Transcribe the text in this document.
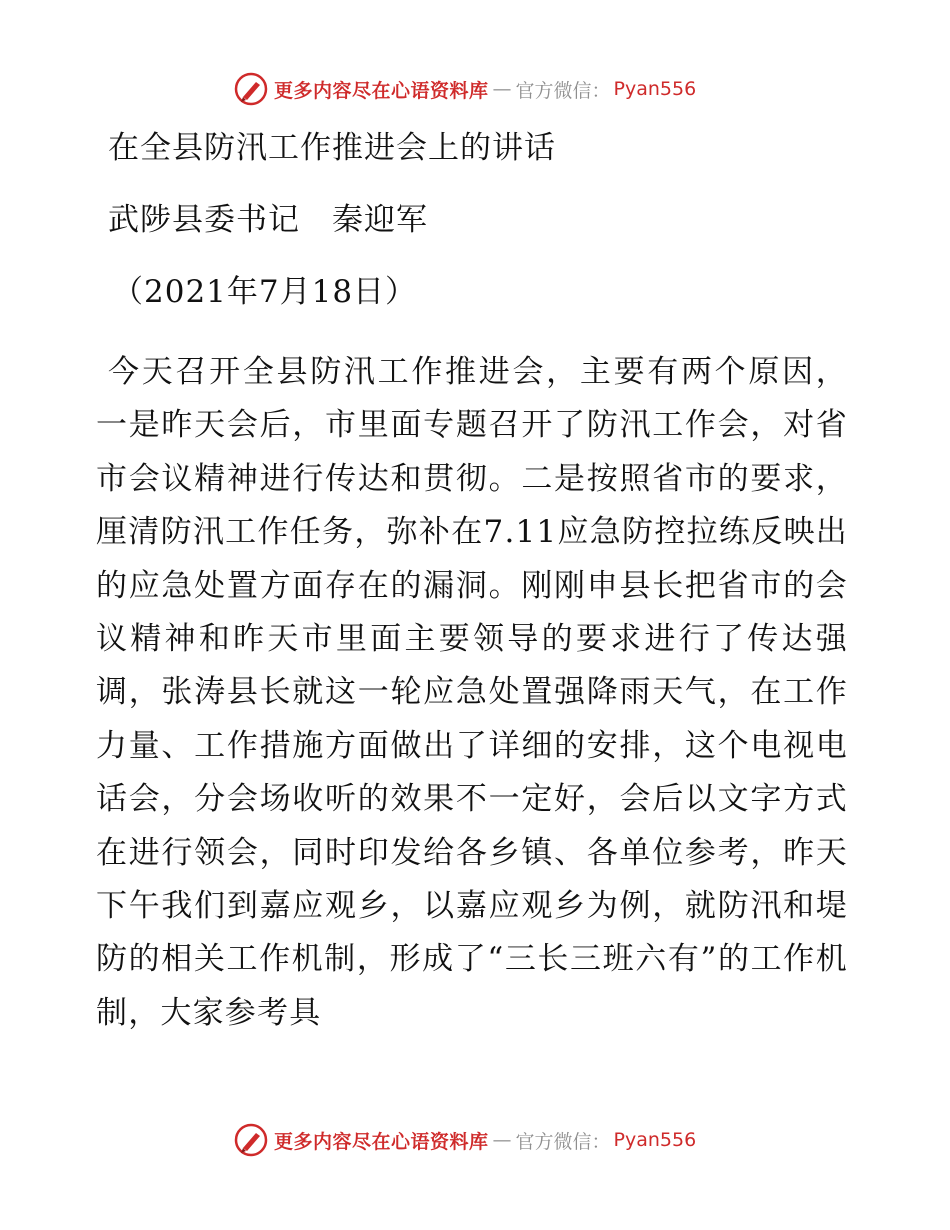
更多内容尽在心语资料库 — 官方微信： Pyan556
在全县防汛工作推进会上的讲话
武陟县委书记　秦迎军
（2021年7月18日）

今天召开全县防汛工作推进会，主要有两个原因，一是昨天会后，市里面专题召开了防汛工作会，对省市会议精神进行传达和贯彻。二是按照省市的要求，厘清防汛工作任务，弥补在7.11应急防控拉练反映出的应急处置方面存在的漏洞。刚刚申县长把省市的会议精神和昨天市里面主要领导的要求进行了传达强调，张涛县长就这一轮应急处置强降雨天气，在工作力量、工作措施方面做出了详细的安排，这个电视电话会，分会场收听的效果不一定好，会后以文字方式在进行领会，同时印发给各乡镇、各单位参考，昨天下午我们到嘉应观乡，以嘉应观乡为例，就防汛和堤防的相关工作机制，形成了“三长三班六有”的工作机制，大家参考具

更多内容尽在心语资料库 — 官方微信： Pyan556
